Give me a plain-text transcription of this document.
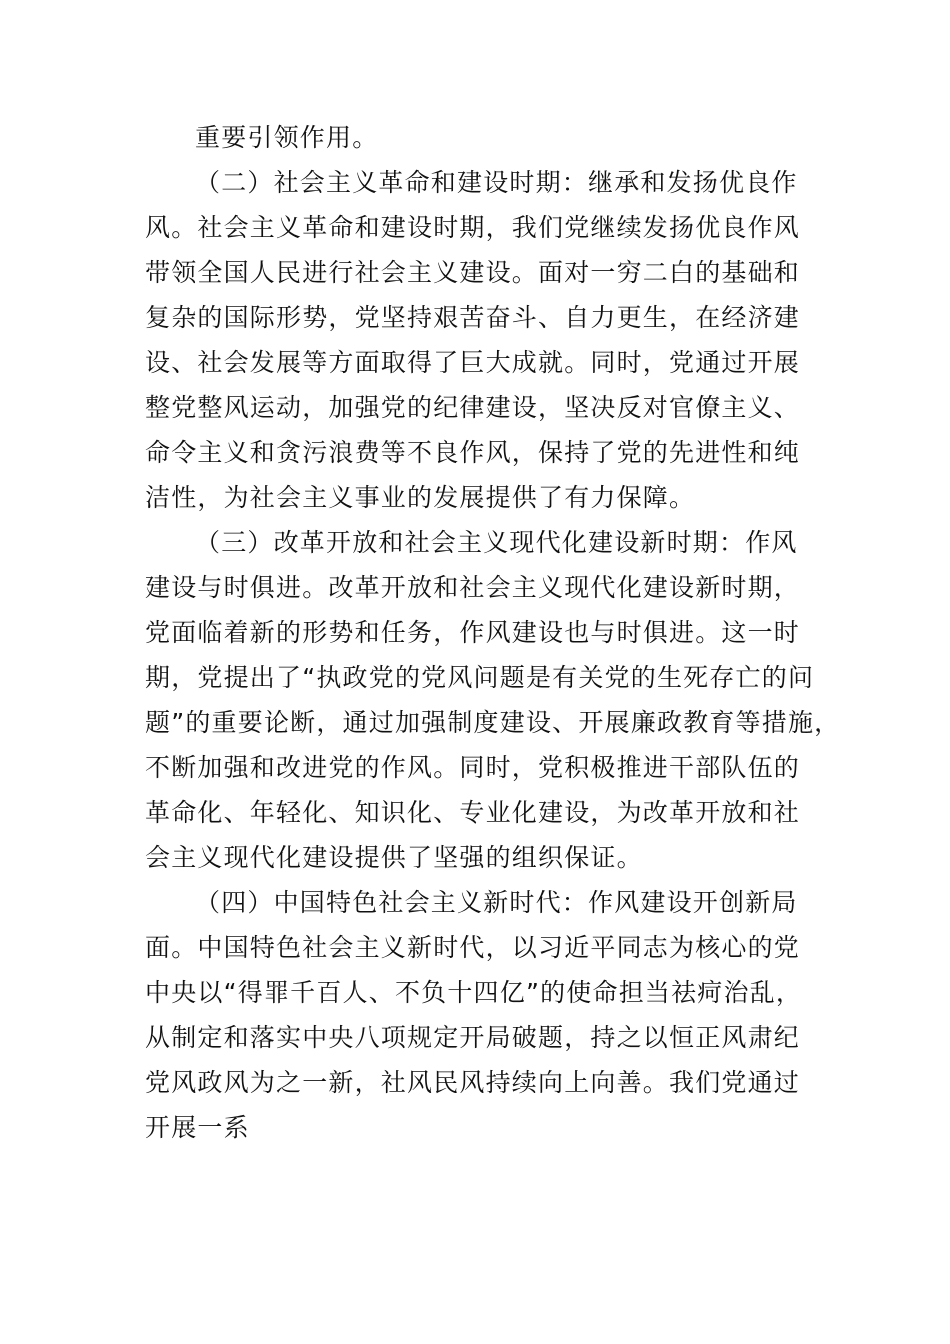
重要引领作用。
（二）社会主义革命和建设时期：继承和发扬优良作
风。社会主义革命和建设时期，我们党继续发扬优良作风
带领全国人民进行社会主义建设。面对一穷二白的基础和
复杂的国际形势，党坚持艰苦奋斗、自力更生，在经济建
设、社会发展等方面取得了巨大成就。同时，党通过开展
整党整风运动，加强党的纪律建设，坚决反对官僚主义、
命令主义和贪污浪费等不良作风，保持了党的先进性和纯
洁性，为社会主义事业的发展提供了有力保障。
（三）改革开放和社会主义现代化建设新时期：作风
建设与时俱进。改革开放和社会主义现代化建设新时期，
党面临着新的形势和任务，作风建设也与时俱进。这一时
期，党提出了“执政党的党风问题是有关党的生死存亡的问
题”的重要论断，通过加强制度建设、开展廉政教育等措施，
不断加强和改进党的作风。同时，党积极推进干部队伍的
革命化、年轻化、知识化、专业化建设，为改革开放和社
会主义现代化建设提供了坚强的组织保证。
（四）中国特色社会主义新时代：作风建设开创新局
面。中国特色社会主义新时代，以习近平同志为核心的党
中央以“得罪千百人、不负十四亿”的使命担当祛疴治乱，
从制定和落实中央八项规定开局破题，持之以恒正风肃纪
党风政风为之一新，社风民风持续向上向善。我们党通过
开展一系
